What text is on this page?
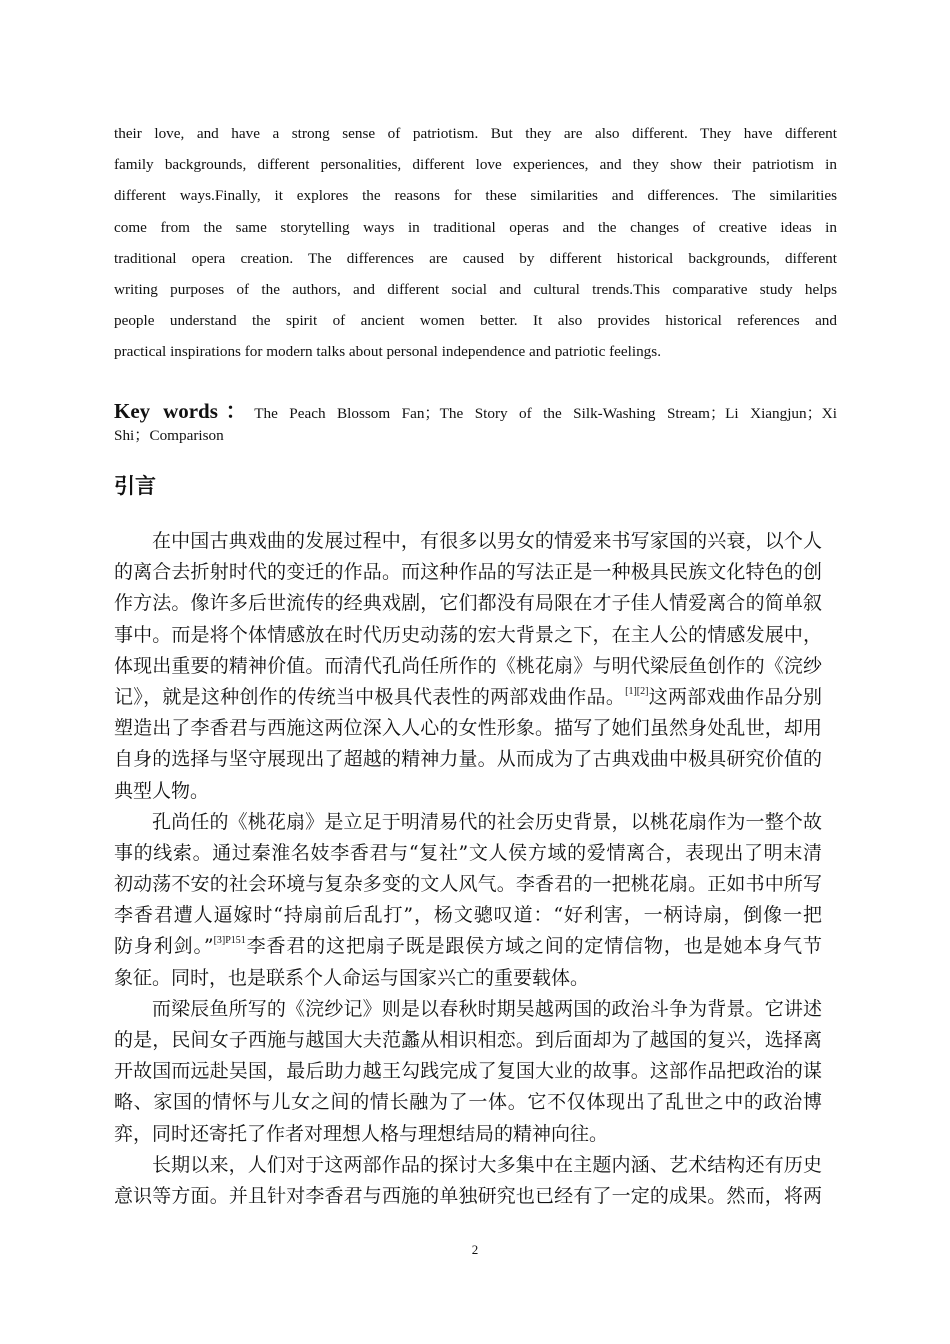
their love, and have a strong sense of patriotism. But they are also different. They have different
family backgrounds, different personalities, different love experiences, and they show their patriotism in
different ways.Finally, it explores the reasons for these similarities and differences. The similarities
come from the same storytelling ways in traditional operas and the changes of creative ideas in
traditional opera creation. The differences are caused by different historical backgrounds, different
writing purposes of the authors, and different social and cultural trends.This comparative study helps
people understand the spirit of ancient women better. It also provides historical references and
practical inspirations for modern talks about personal independence and patriotic feelings.
Key words：The Peach Blossom Fan；The Story of the Silk-Washing Stream；Li Xiangjun；Xi
Shi；Comparison
引言
在中国古典戏曲的发展过程中，有很多以男女的情爱来书写家国的兴衰，以个人
的离合去折射时代的变迁的作品。而这种作品的写法正是一种极具民族文化特色的创
作方法。像许多后世流传的经典戏剧，它们都没有局限在才子佳人情爱离合的简单叙
事中。而是将个体情感放在时代历史动荡的宏大背景之下，在主人公的情感发展中，
体现出重要的精神价值。而清代孔尚任所作的《桃花扇》与明代梁辰鱼创作的《浣纱
记》，就是这种创作的传统当中极具代表性的两部戏曲作品。[1][2]这两部戏曲作品分别
塑造出了李香君与西施这两位深入人心的女性形象。描写了她们虽然身处乱世，却用
自身的选择与坚守展现出了超越的精神力量。从而成为了古典戏曲中极具研究价值的
典型人物。
孔尚任的《桃花扇》是立足于明清易代的社会历史背景，以桃花扇作为一整个故
事的线索。通过秦淮名妓李香君与“复社”文人侯方域的爱情离合，表现出了明末清
初动荡不安的社会环境与复杂多变的文人风气。李香君的一把桃花扇。正如书中所写
李香君遭人逼嫁时“持扇前后乱打”，杨文骢叹道：“好利害，一柄诗扇，倒像一把
防身利剑。”$^{[3]P151}$李香君的这把扇子既是跟侯方域之间的定情信物，也是她本身气节
象征。同时，也是联系个人命运与国家兴亡的重要载体。
而梁辰鱼所写的《浣纱记》则是以春秋时期吴越两国的政治斗争为背景。它讲述
的是，民间女子西施与越国大夫范蠡从相识相恋。到后面却为了越国的复兴，选择离
开故国而远赴吴国，最后助力越王勾践完成了复国大业的故事。这部作品把政治的谋
略、家国的情怀与儿女之间的情长融为了一体。它不仅体现出了乱世之中的政治博
弈，同时还寄托了作者对理想人格与理想结局的精神向往。
长期以来，人们对于这两部作品的探讨大多集中在主题内涵、艺术结构还有历史
意识等方面。并且针对李香君与西施的单独研究也已经有了一定的成果。然而，将两
2
